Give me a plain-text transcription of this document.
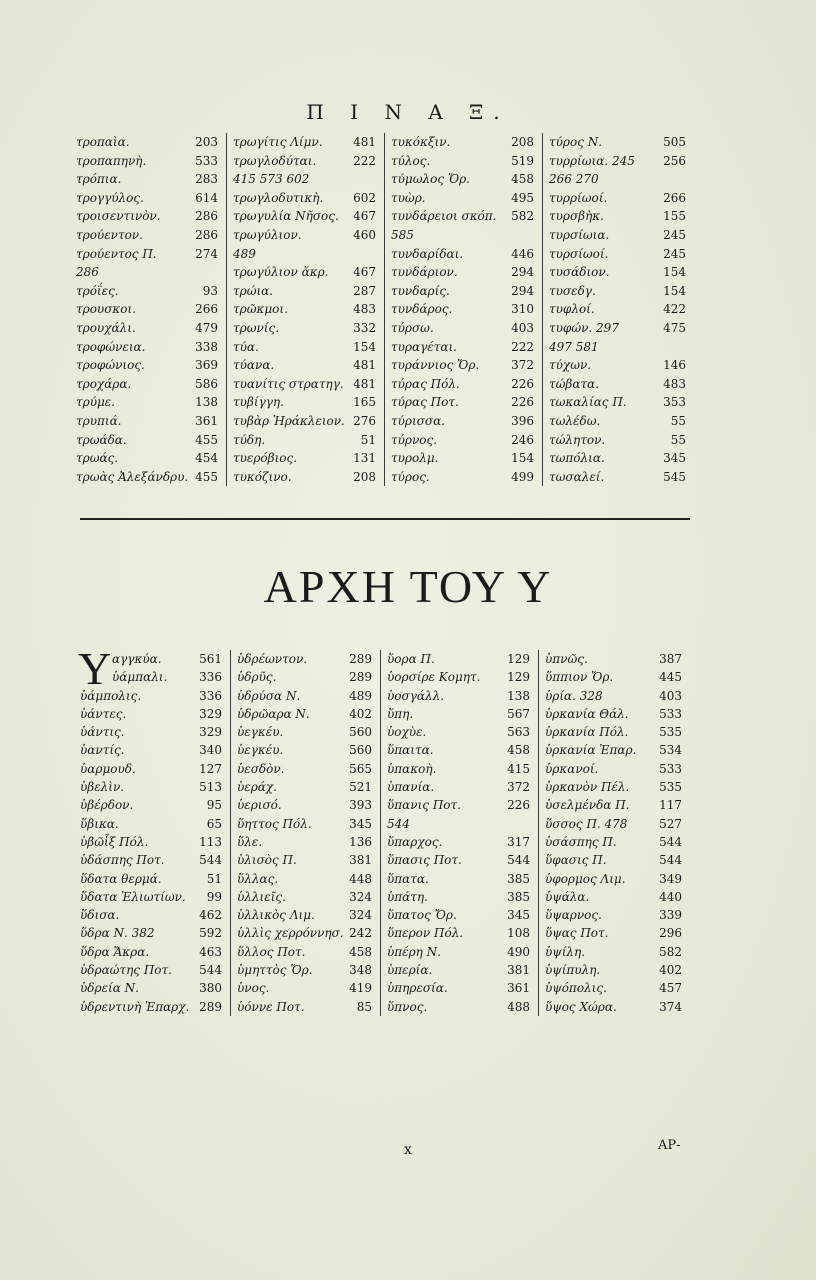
Π Ι Ν Α Ξ.
τροπαὶα.	203
τροπαπηνὴ.	533
τρόπια.	283
τρογγύλος.	614
τροισεντινὸν.	286
τρούεντον.	286
τρούεντος Π.	274
286
τρόΐες.	93
τρουσκοι.	266
τρουχάλι.	479
τροφώνεια.	338
τροφώνιος.	369
τροχάρα.	586
τρύμε.	138
τρυπιά.	361
τρωάδα.	455
τρωάς.	454
τρωὰς Ἀλεξάνδρυ. 455
τρωγίτις Λίμν.	481
τρωγλοδύται.	222
415 573 602
τρωγλοδυτικὴ. 602
τρωγυλία Νῆσος. 467
τρωγύλιον.	460
489
τρωγύλιον ἄκρ. 467
τρώια.	287
τρῶκμοι.	483
τρωνίς.	332
τύα.	154
τύανα.	481
τυανίτις στρατηγ. 481
τυβίγγη.	165
τυβὰρ Ἡράκλειον. 276
τύδη.	51
τυερόβιος.	131
τυκόζινο.	208
τυκόκξιν.	208
τύλος.	519
τύμωλος Ὄρ.	458
τυὼρ.	495
τυνδάρειοι σκόπ. 582
585
τυνδαρίδαι.	446
τυνδάριον.	294
τυνδαρίς.	294
τυνδάρος.	310
τύρσω.	403
τυραγέται.	222
τυράννιος Ὄρ.	372
τύρας Πόλ.	226
τύρας Ποτ.	226
τύρισσα.	396
τύρνος.	246
τυρολμ.	154
τύρος.	499
τύρος Ν.	505
τυρρίωια. 245 256
266 270
τυρρίωοί.	266
τυρσβὴκ.	155
τυρσίωια.	245
τυρσίωοί.	245
τυσάδιον.	154
τυσεδγ.	154
τυφλοί.	422
τυφών. 297	475
497 581
τύχων.	146
τώβατα.	483
τωκαλίας Π.	353
τωλέδω.	55
τώλητον.	55
τωπόλια.	345
τωσαλεί.	545
ΑΡΧΗ ΤΟΥ Υ
Υ αγγκύα.	561
ὑάμπαλι.	336
ὑάμπολις.	336
ὑάντες.	329
ὑάντις.	329
ὑαντίς.	340
ὑαρμουδ.	127
ὑβελὶν.	513
ὑβέρδον.	95
ὕβικα.	65
ὑβῶἷξ Πόλ.	113
ὑδάσπης Ποτ.	544
ὕδατα θερμά.	51
ὕδατα Ἐλιωτίων. 99
ὕδισα.	462
ὕδρα Ν. 382	592
ὕδρα Ἄκρα.	463
ὑδραώτης Ποτ. 544
ὑδρεία Ν.	380
ὑδρεντινὴ Ἐπαρχ. 289
ὑδρέωντον.	289
ὑδρῦς.	289
ὑδρύσα Ν.	489
ὑδρῶαρα Ν.	402
ὑεγκέυ.	560
ὑεγκέυ.	560
ὑεσδὸν.	565
ὑεράχ.	521
ὑερισό.	393
ὕηττος Πόλ.	345
ὕλε.	136
ὑλισὸς Π.	381
ὕλλας.	448
ὑλλιεῖς.	324
ὑλλικὸς Λιμ.	324
ὑλλὶς χερρόννησ. 242
ὕλλος Ποτ.	458
ὑμηττὸς Ὄρ.	348
ὑνος.	419
ὑόννε Ποτ.	85
ὕορα Π.	129
ὑορσίρε Κομητ. 129
ὑοσγάλλ.	138
ὕπη.	567
ὑοχὺε.	563
ὕπαιτα.	458
ὑπακοὴ.	415
ὑπανία.	372
ὕπανις Ποτ.	226
544
ὕπαρχος.	317
ὕπασις Ποτ.	544
ὕπατα.	385
ὑπάτη.	385
ὕπατος Ὄρ.	345
ὕπερον Πόλ.	108
ὑπέρη Ν.	490
ὑπερία.	381
ὑπηρεσία.	361
ὕπνος.	488
ὑπνῶς.	387
ὕππιον Ὄρ.	445
ὑρία. 328	403
ὑρκανία Θάλ.	533
ὑρκανία Πόλ.	535
ὑρκανία Ἐπαρ. 534
ὑρκανοί.	533
ὑρκανὸν Πέλ. 535
ὑσελμένδα Π. 117
ὕσσος Π. 478	527
ὑσάσπης Π.	544
ὕφασις Π.	544
ὑφορμος Λιμ.	349
ὑψάλα.	440
ὕψαρνος.	339
ὕψας Ποτ.	296
ὑψίλη.	582
ὑψίπυλη.	402
ὑψόπολις.	457
ὕψος Χώρα.	374
x	ΑΡ-
